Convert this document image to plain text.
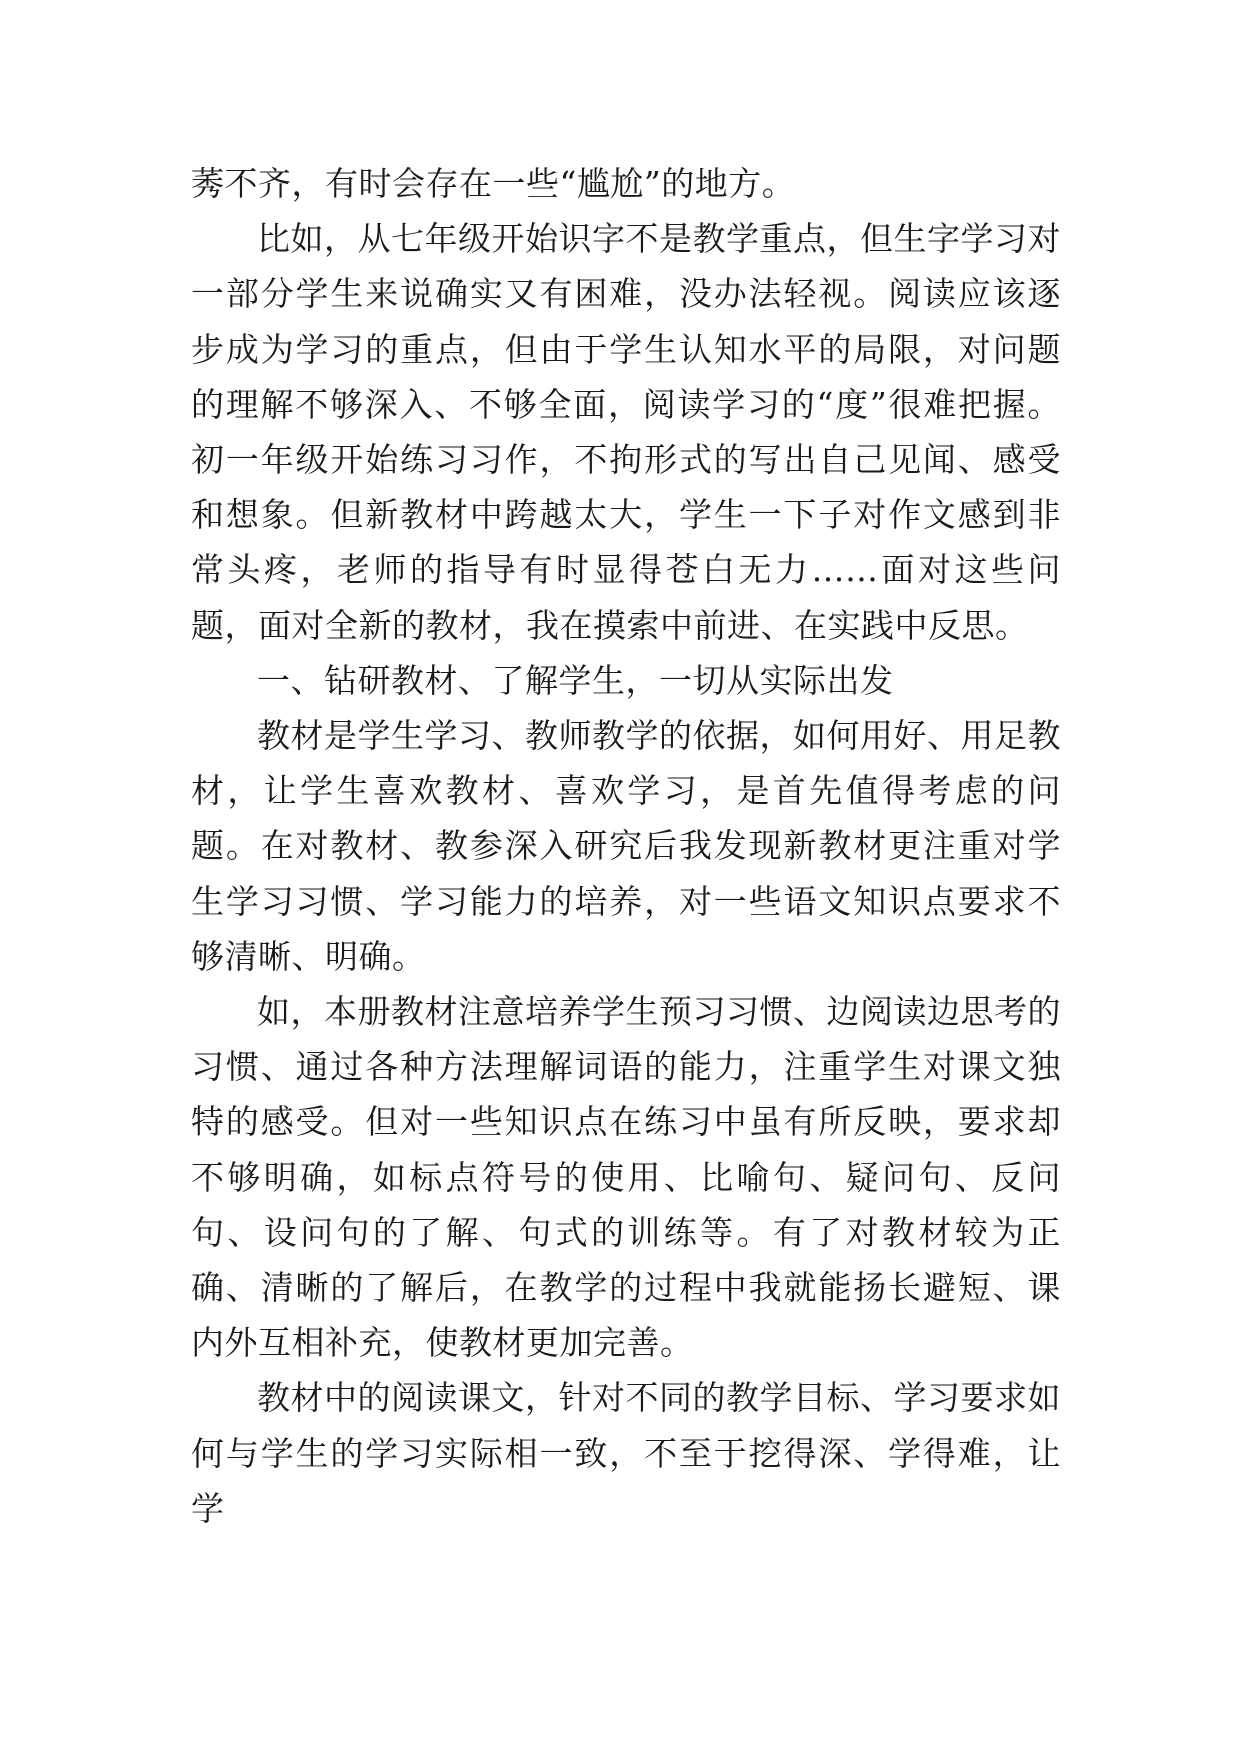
莠不齐，有时会存在一些“尴尬”的地方。

比如，从七年级开始识字不是教学重点，但生字学习对一部分学生来说确实又有困难，没办法轻视。阅读应该逐步成为学习的重点，但由于学生认知水平的局限，对问题的理解不够深入、不够全面，阅读学习的“度”很难把握。初一年级开始练习习作，不拘形式的写出自己见闻、感受和想象。但新教材中跨越太大，学生一下子对作文感到非常头疼，老师的指导有时显得苍白无力……面对这些问题，面对全新的教材，我在摸索中前进、在实践中反思。

一、钻研教材、了解学生，一切从实际出发

教材是学生学习、教师教学的依据，如何用好、用足教材，让学生喜欢教材、喜欢学习，是首先值得考虑的问题。在对教材、教参深入研究后我发现新教材更注重对学生学习习惯、学习能力的培养，对一些语文知识点要求不够清晰、明确。

如，本册教材注意培养学生预习习惯、边阅读边思考的习惯、通过各种方法理解词语的能力，注重学生对课文独特的感受。但对一些知识点在练习中虽有所反映，要求却不够明确，如标点符号的使用、比喻句、疑问句、反问句、设问句的了解、句式的训练等。有了对教材较为正确、清晰的了解后，在教学的过程中我就能扬长避短、课内外互相补充，使教材更加完善。

教材中的阅读课文，针对不同的教学目标、学习要求如何与学生的学习实际相一致，不至于挖得深、学得难，让学
